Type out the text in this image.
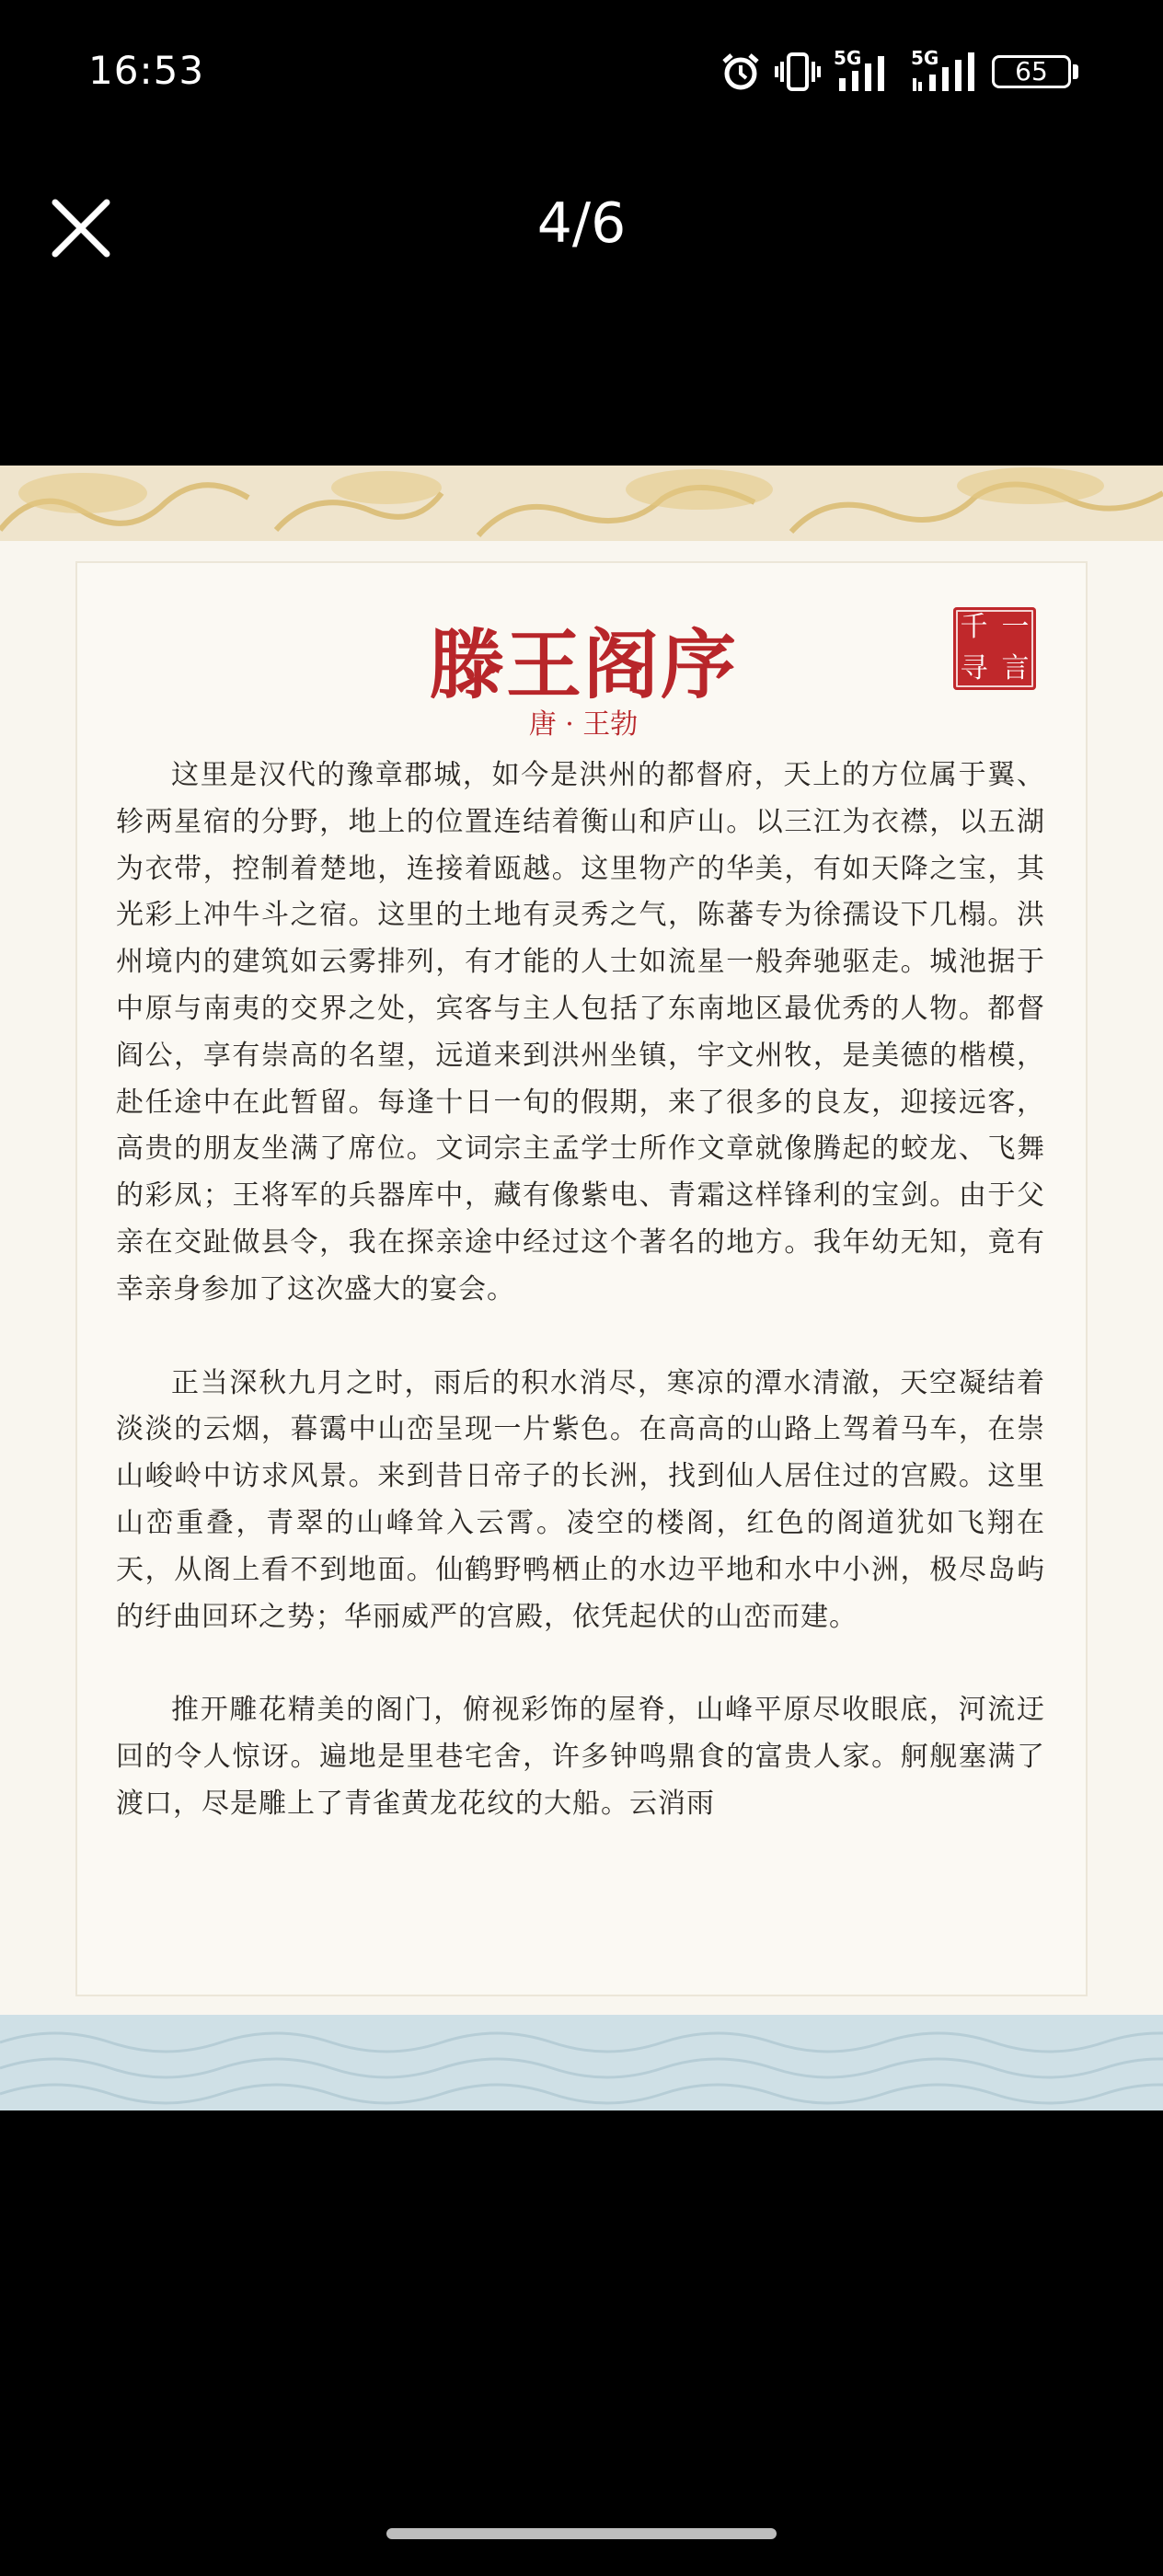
16:53	5G	5G	65
4/6
滕王阁序
唐 · 王勃
千 一
寻 言

这里是汉代的豫章郡城，如今是洪州的都督府，天上的方位属于翼、轸两星宿的分野，地上的位置连结着衡山和庐山。以三江为衣襟，以五湖为衣带，控制着楚地，连接着瓯越。这里物产的华美，有如天降之宝，其光彩上冲牛斗之宿。这里的土地有灵秀之气，陈蕃专为徐孺设下几榻。洪州境内的建筑如云雾排列，有才能的人士如流星一般奔驰驱走。城池据于中原与南夷的交界之处，宾客与主人包括了东南地区最优秀的人物。都督阎公，享有崇高的名望，远道来到洪州坐镇，宇文州牧，是美德的楷模，赴任途中在此暂留。每逢十日一旬的假期，来了很多的良友，迎接远客，高贵的朋友坐满了席位。文词宗主孟学士所作文章就像腾起的蛟龙、飞舞的彩凤；王将军的兵器库中，藏有像紫电、青霜这样锋利的宝剑。由于父亲在交趾做县令，我在探亲途中经过这个著名的地方。我年幼无知，竟有幸亲身参加了这次盛大的宴会。

正当深秋九月之时，雨后的积水消尽，寒凉的潭水清澈，天空凝结着淡淡的云烟，暮霭中山峦呈现一片紫色。在高高的山路上驾着马车，在崇山峻岭中访求风景。来到昔日帝子的长洲，找到仙人居住过的宫殿。这里山峦重叠，青翠的山峰耸入云霄。凌空的楼阁，红色的阁道犹如飞翔在天，从阁上看不到地面。仙鹤野鸭栖止的水边平地和水中小洲，极尽岛屿的纡曲回环之势；华丽威严的宫殿，依凭起伏的山峦而建。

推开雕花精美的阁门，俯视彩饰的屋脊，山峰平原尽收眼底，河流迂回的令人惊讶。遍地是里巷宅舍，许多钟鸣鼎食的富贵人家。舸舰塞满了渡口，尽是雕上了青雀黄龙花纹的大船。云消雨
